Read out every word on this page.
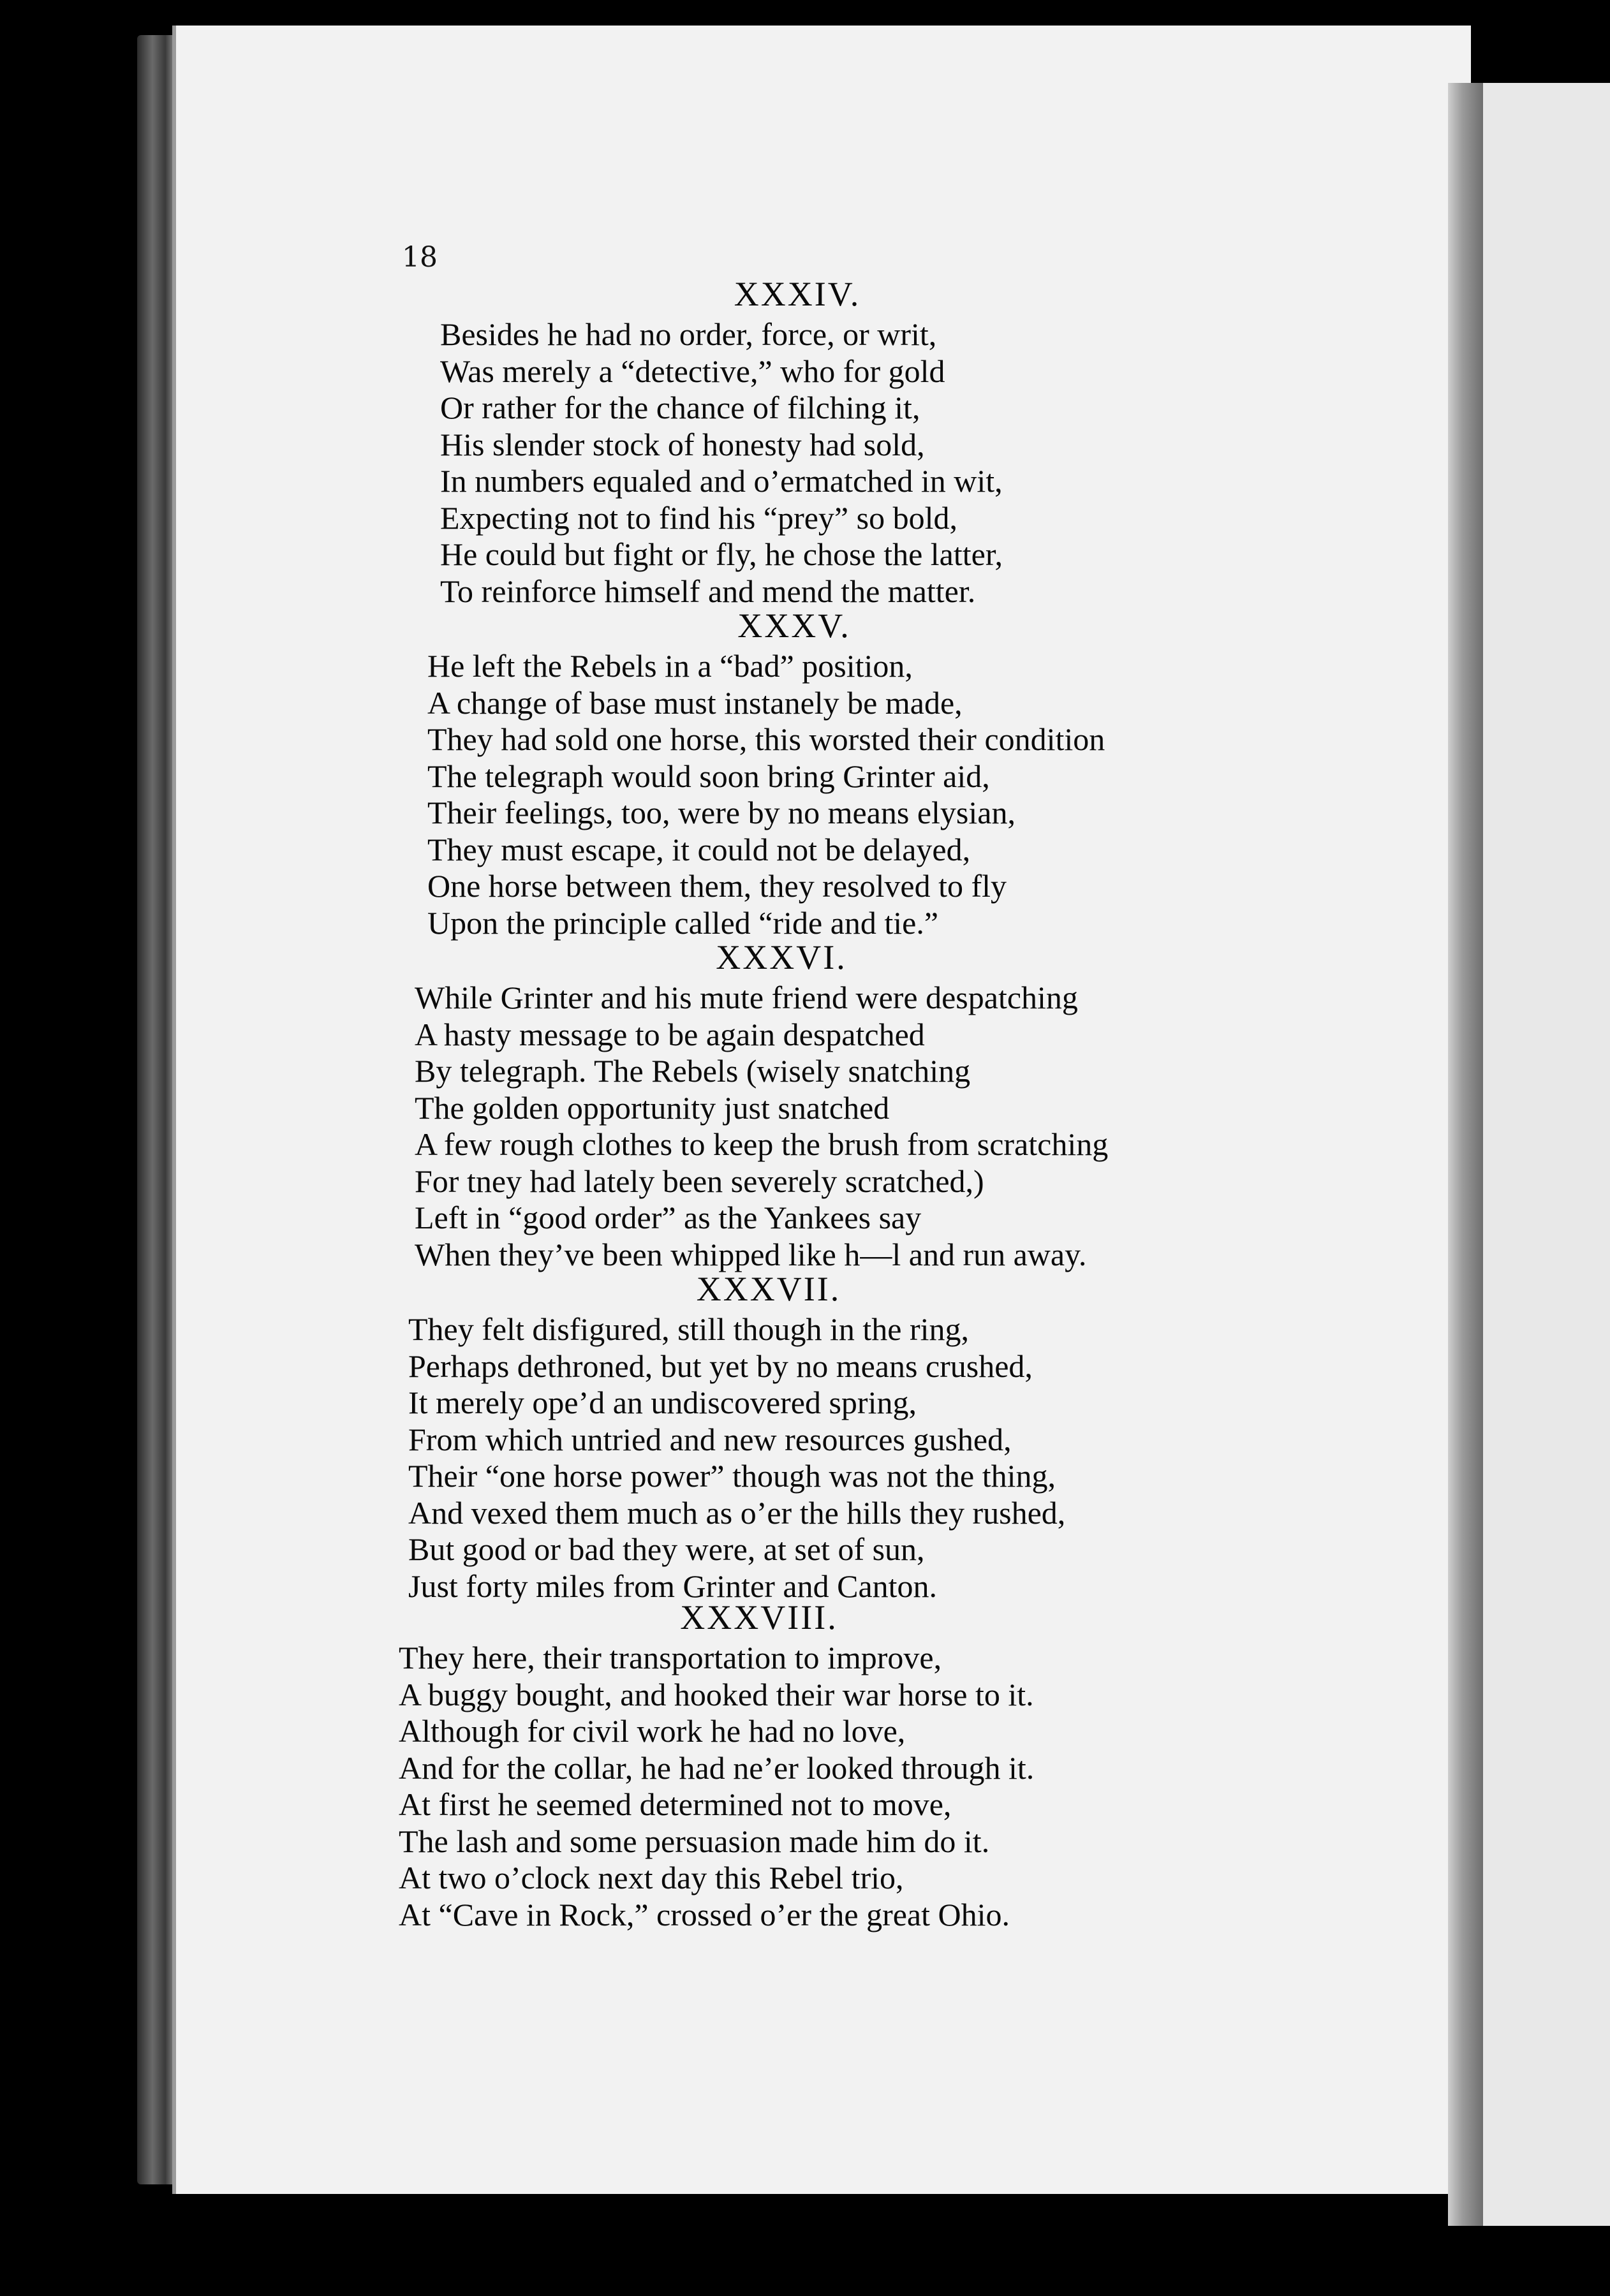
18
XXXIV.
Besides he had no order, force, or writ,
Was merely a “detective,” who for gold
Or rather for the chance of filching it,
His slender stock of honesty had sold,
In numbers equaled and o’ermatched in wit,
Expecting not to find his “prey” so bold,
He could but fight or fly, he chose the latter,
To reinforce himself and mend the matter.
XXXV.
He left the Rebels in a “bad” position,
A change of base must instanely be made,
They had sold one horse, this worsted their condition
The telegraph would soon bring Grinter aid,
Their feelings, too, were by no means elysian,
They must escape, it could not be delayed,
One horse between them, they resolved to fly
Upon the principle called “ride and tie.”
XXXVI.
While Grinter and his mute friend were despatching
A hasty message to be again despatched
By telegraph. The Rebels (wisely snatching
The golden opportunity just snatched
A few rough clothes to keep the brush from scratching
For tney had lately been severely scratched,)
Left in “good order” as the Yankees say
When they’ve been whipped like h—l and run away.
XXXVII.
They felt disfigured, still though in the ring,
Perhaps dethroned, but yet by no means crushed,
It merely ope’d an undiscovered spring,
From which untried and new resources gushed,
Their “one horse power” though was not the thing,
And vexed them much as o’er the hills they rushed,
But good or bad they were, at set of sun,
Just forty miles from Grinter and Canton.
XXXVIII.
They here, their transportation to improve,
A buggy bought, and hooked their war horse to it.
Although for civil work he had no love,
And for the collar, he had ne’er looked through it.
At first he seemed determined not to move,
The lash and some persuasion made him do it.
At two o’clock next day this Rebel trio,
At “Cave in Rock,” crossed o’er the great Ohio.
